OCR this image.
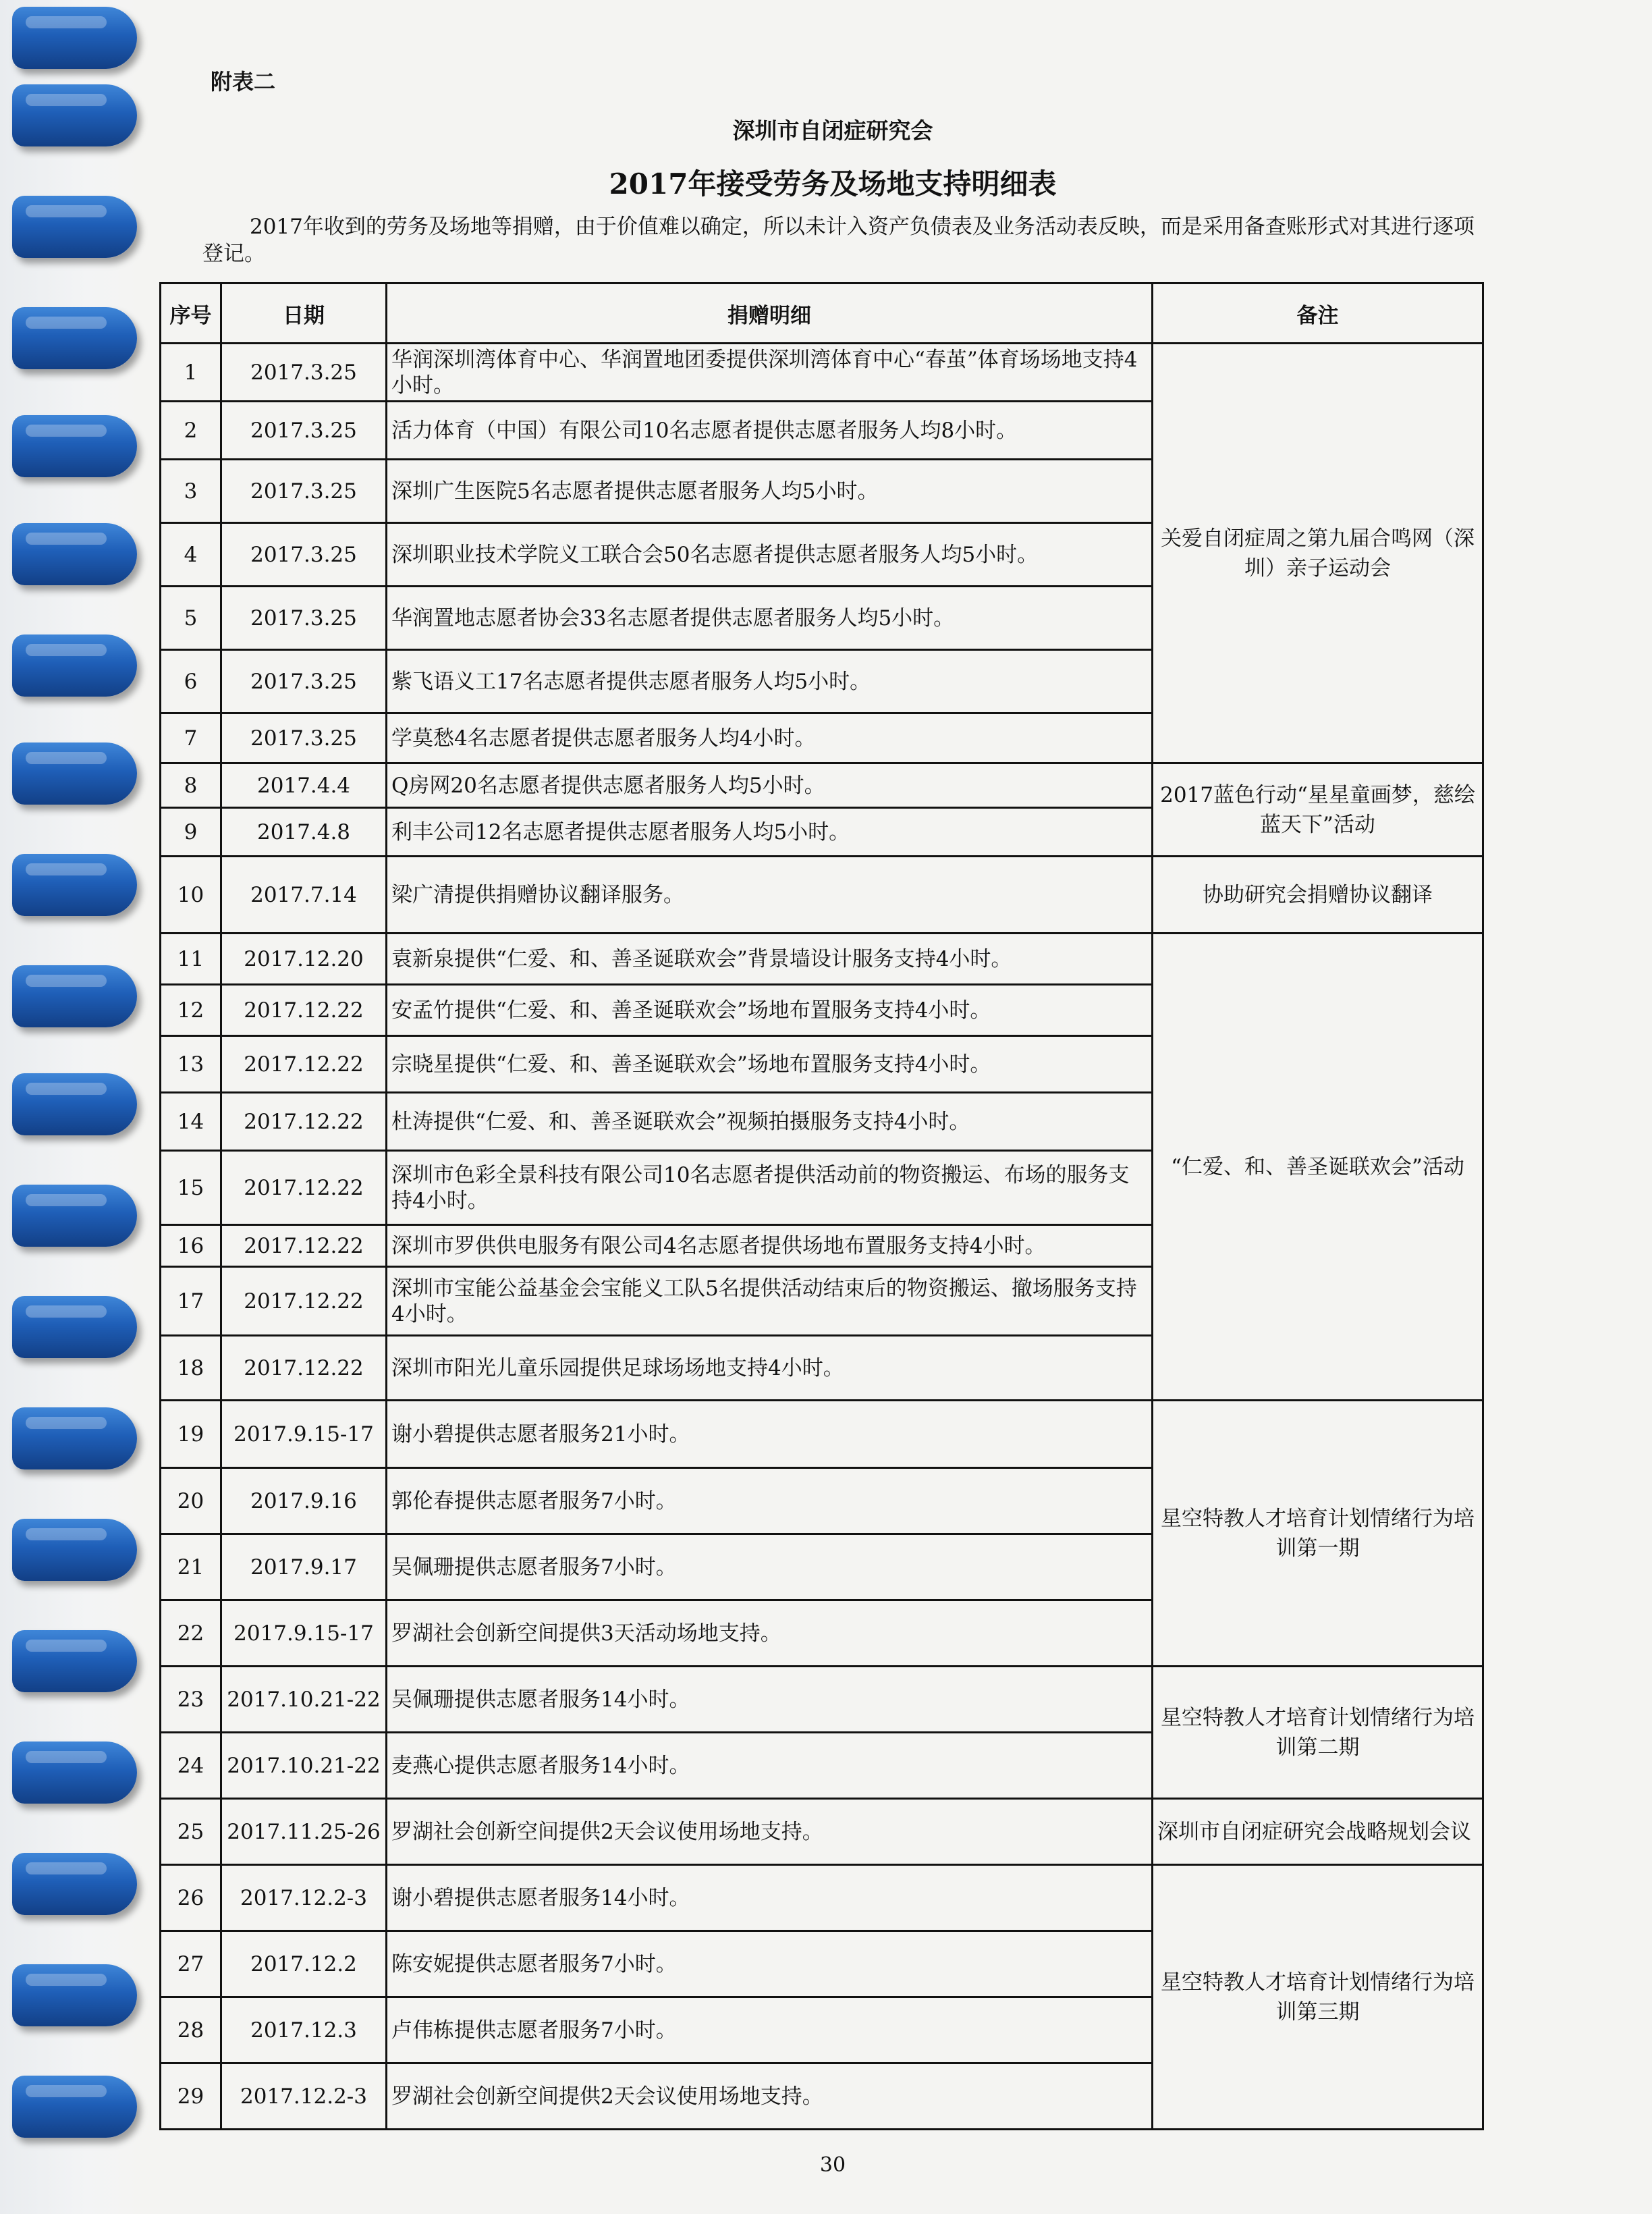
附表二
深圳市自闭症研究会
2017年接受劳务及场地支持明细表
2017年收到的劳务及场地等捐赠，由于价值难以确定，所以未计入资产负债表及业务活动表反映，而是采用备查账形式对其进行逐项登记。
序号	日期	捐赠明细	备注
1	2017.3.25	华润深圳湾体育中心、华润置地团委提供深圳湾体育中心“春茧”体育场场地支持4小时。	关爱自闭症周之第九届合鸣网（深圳）亲子运动会
2	2017.3.25	活力体育（中国）有限公司10名志愿者提供志愿者服务人均8小时。	
3	2017.3.25	深圳广生医院5名志愿者提供志愿者服务人均5小时。	
4	2017.3.25	深圳职业技术学院义工联合会50名志愿者提供志愿者服务人均5小时。	
5	2017.3.25	华润置地志愿者协会33名志愿者提供志愿者服务人均5小时。	
6	2017.3.25	紫飞语义工17名志愿者提供志愿者服务人均5小时。	
7	2017.3.25	学莫愁4名志愿者提供志愿者服务人均4小时。	
8	2017.4.4	Q房网20名志愿者提供志愿者服务人均5小时。	2017蓝色行动“星星童画梦，慈绘蓝天下”活动
9	2017.4.8	利丰公司12名志愿者提供志愿者服务人均5小时。	
10	2017.7.14	梁广清提供捐赠协议翻译服务。	协助研究会捐赠协议翻译
11	2017.12.20	袁新泉提供“仁爱、和、善圣诞联欢会”背景墙设计服务支持4小时。	“仁爱、和、善圣诞联欢会”活动
12	2017.12.22	安孟竹提供“仁爱、和、善圣诞联欢会”场地布置服务支持4小时。	
13	2017.12.22	宗晓星提供“仁爱、和、善圣诞联欢会”场地布置服务支持4小时。	
14	2017.12.22	杜涛提供“仁爱、和、善圣诞联欢会”视频拍摄服务支持4小时。	
15	2017.12.22	深圳市色彩全景科技有限公司10名志愿者提供活动前的物资搬运、布场的服务支持4小时。	
16	2017.12.22	深圳市罗供供电服务有限公司4名志愿者提供场地布置服务支持4小时。	
17	2017.12.22	深圳市宝能公益基金会宝能义工队5名提供活动结束后的物资搬运、撤场服务支持4小时。	
18	2017.12.22	深圳市阳光儿童乐园提供足球场场地支持4小时。	
19	2017.9.15-17	谢小碧提供志愿者服务21小时。	星空特教人才培育计划情绪行为培训第一期
20	2017.9.16	郭伦春提供志愿者服务7小时。	
21	2017.9.17	吴佩珊提供志愿者服务7小时。	
22	2017.9.15-17	罗湖社会创新空间提供3天活动场地支持。	
23	2017.10.21-22	吴佩珊提供志愿者服务14小时。	星空特教人才培育计划情绪行为培训第二期
24	2017.10.21-22	麦燕心提供志愿者服务14小时。	
25	2017.11.25-26	罗湖社会创新空间提供2天会议使用场地支持。	深圳市自闭症研究会战略规划会议
26	2017.12.2-3	谢小碧提供志愿者服务14小时。	星空特教人才培育计划情绪行为培训第三期
27	2017.12.2	陈安妮提供志愿者服务7小时。	
28	2017.12.3	卢伟栋提供志愿者服务7小时。	
29	2017.12.2-3	罗湖社会创新空间提供2天会议使用场地支持。	
30
